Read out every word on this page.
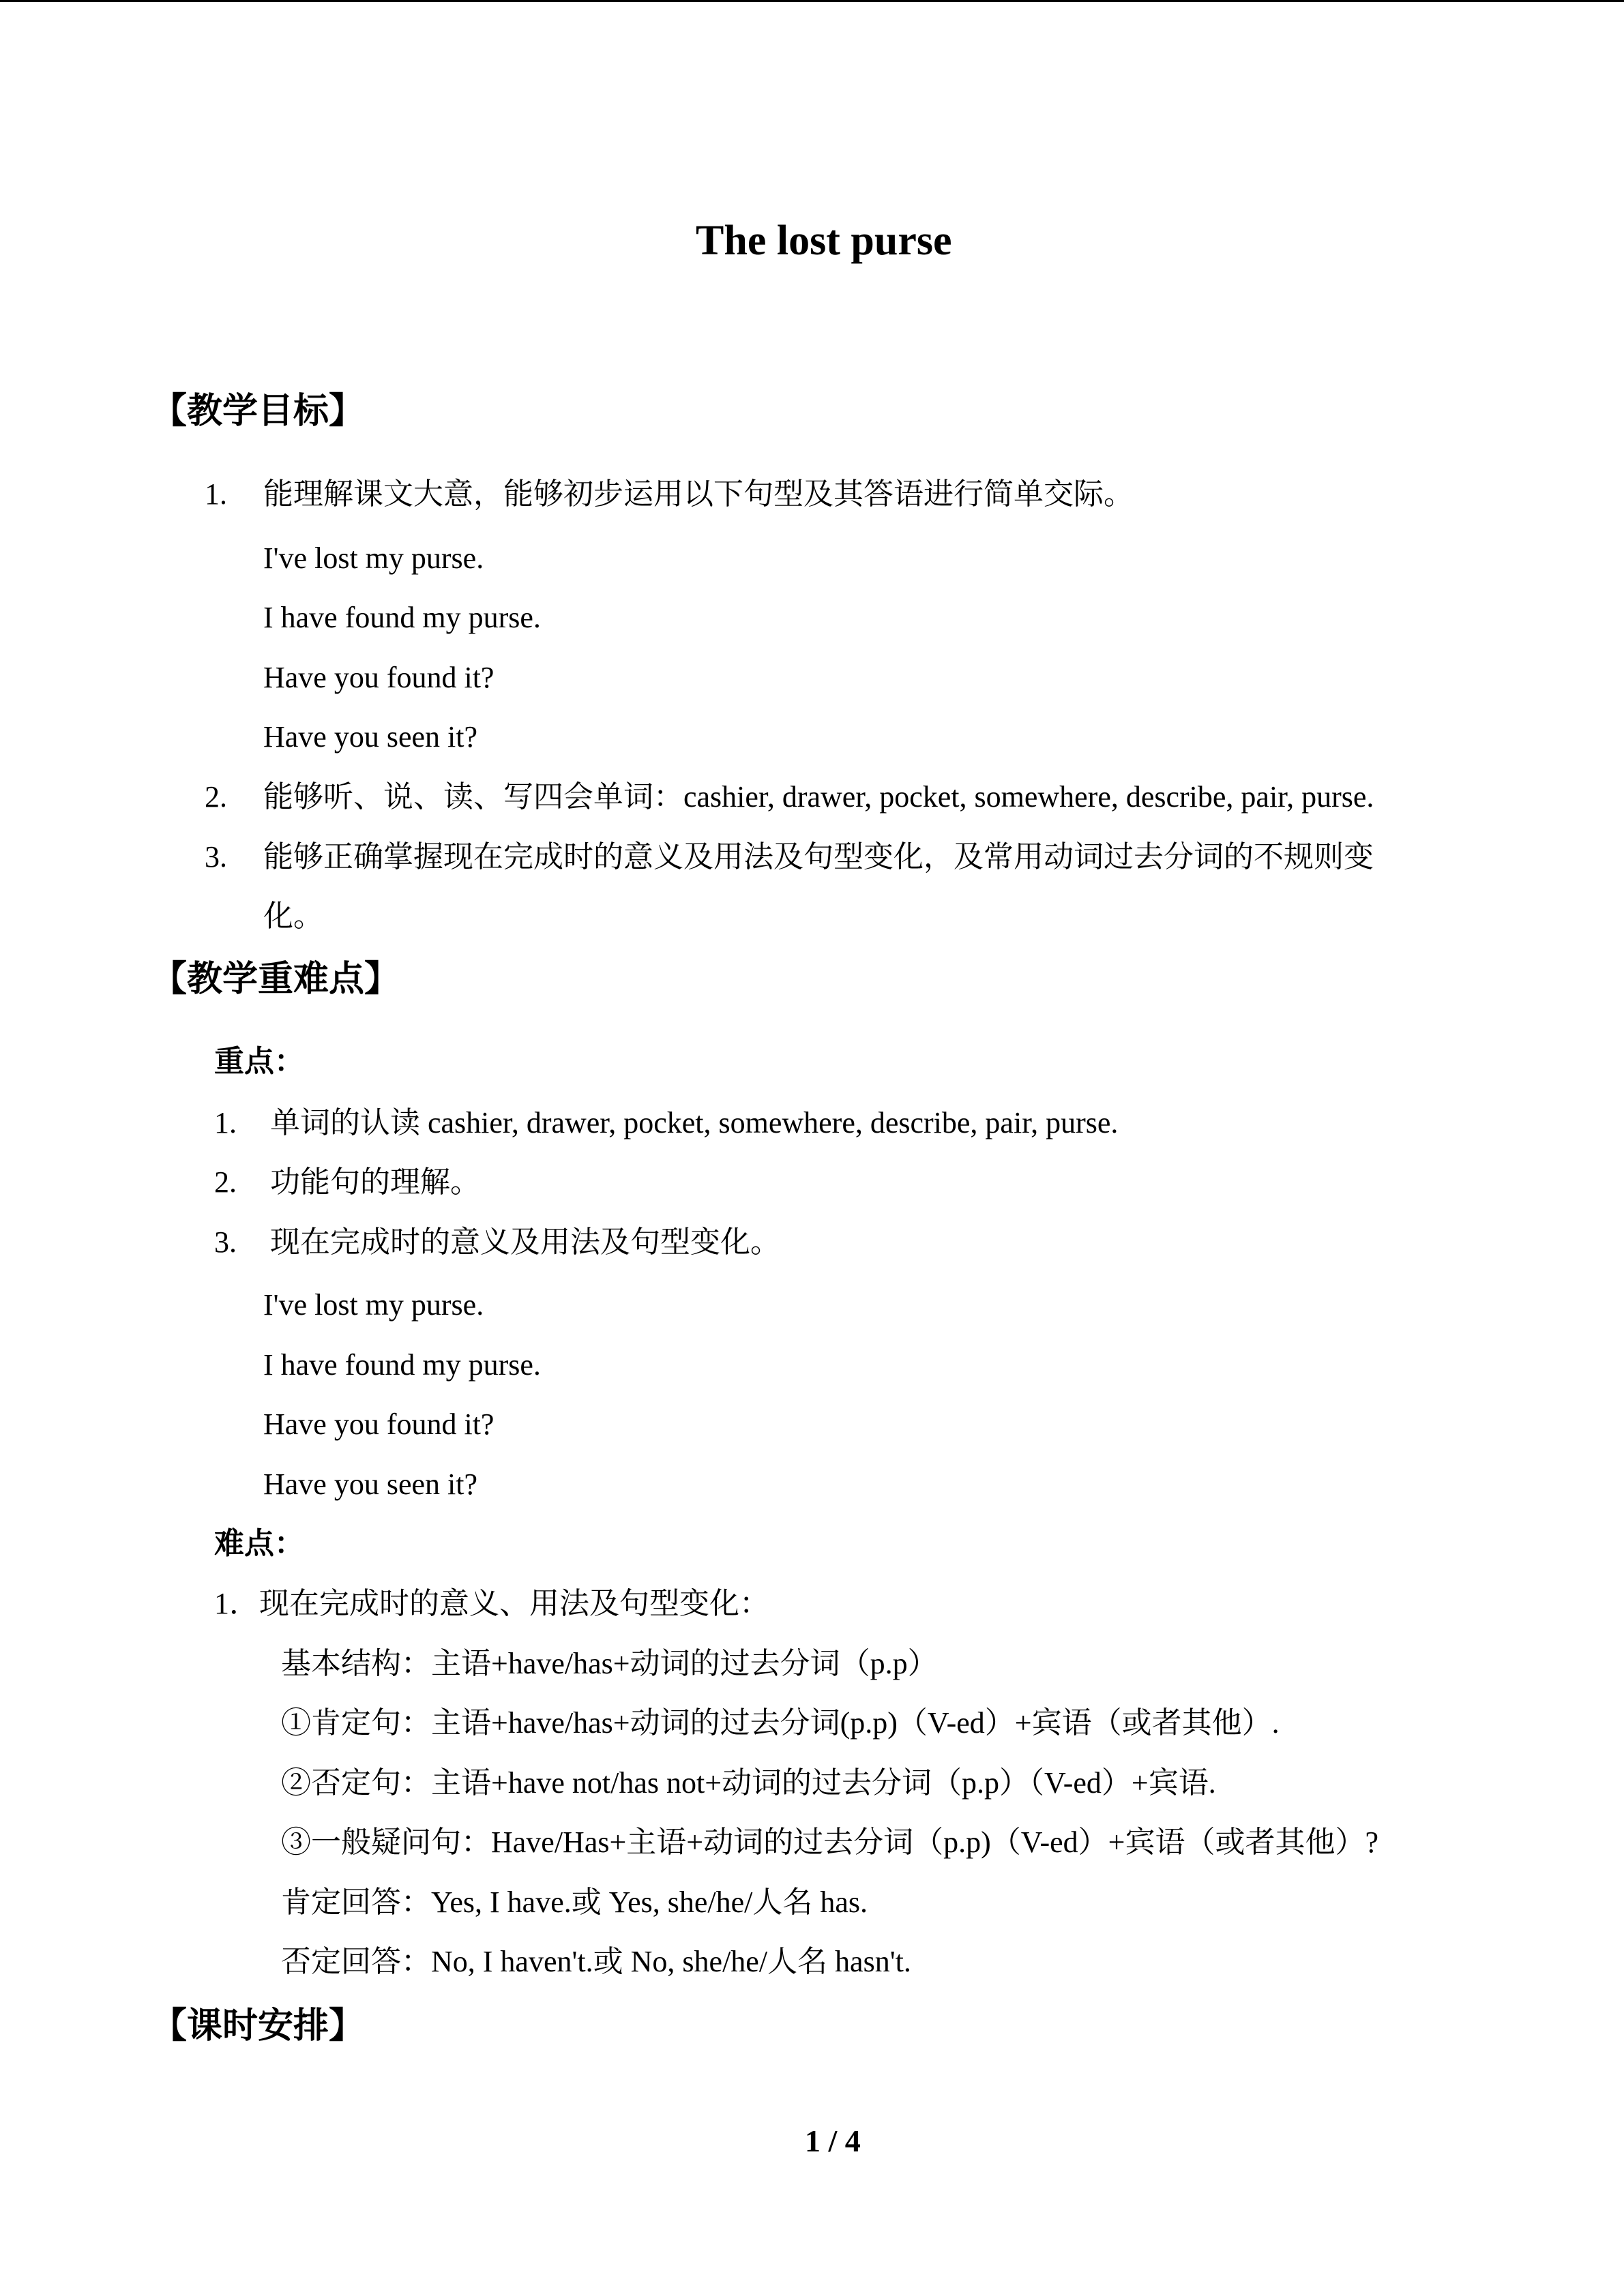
The lost purse
【教学目标】
1. 能理解课文大意，能够初步运用以下句型及其答语进行简单交际。
I've lost my purse.
I have found my purse.
Have you found it?
Have you seen it?
2. 能够听、说、读、写四会单词：cashier, drawer, pocket, somewhere, describe, pair, purse.
3. 能够正确掌握现在完成时的意义及用法及句型变化，及常用动词过去分词的不规则变
化。
【教学重难点】
重点：
1. 单词的认读 cashier, drawer, pocket, somewhere, describe, pair, purse.
2. 功能句的理解。
3. 现在完成时的意义及用法及句型变化。
I've lost my purse.
I have found my purse.
Have you found it?
Have you seen it?
难点：
1．现在完成时的意义、用法及句型变化：
基本结构：主语+have/has+动词的过去分词（p.p）
①肯定句：主语+have/has+动词的过去分词(p.p)（V-ed）+宾语（或者其他）.
②否定句：主语+have not/has not+动词的过去分词（p.p）（V-ed）+宾语.
③一般疑问句：Have/Has+主语+动词的过去分词（p.p)（V-ed）+宾语（或者其他）?
肯定回答：Yes, I have.或 Yes, she/he/人名 has.
否定回答：No, I haven't.或 No, she/he/人名 hasn't.
【课时安排】
1 / 4
